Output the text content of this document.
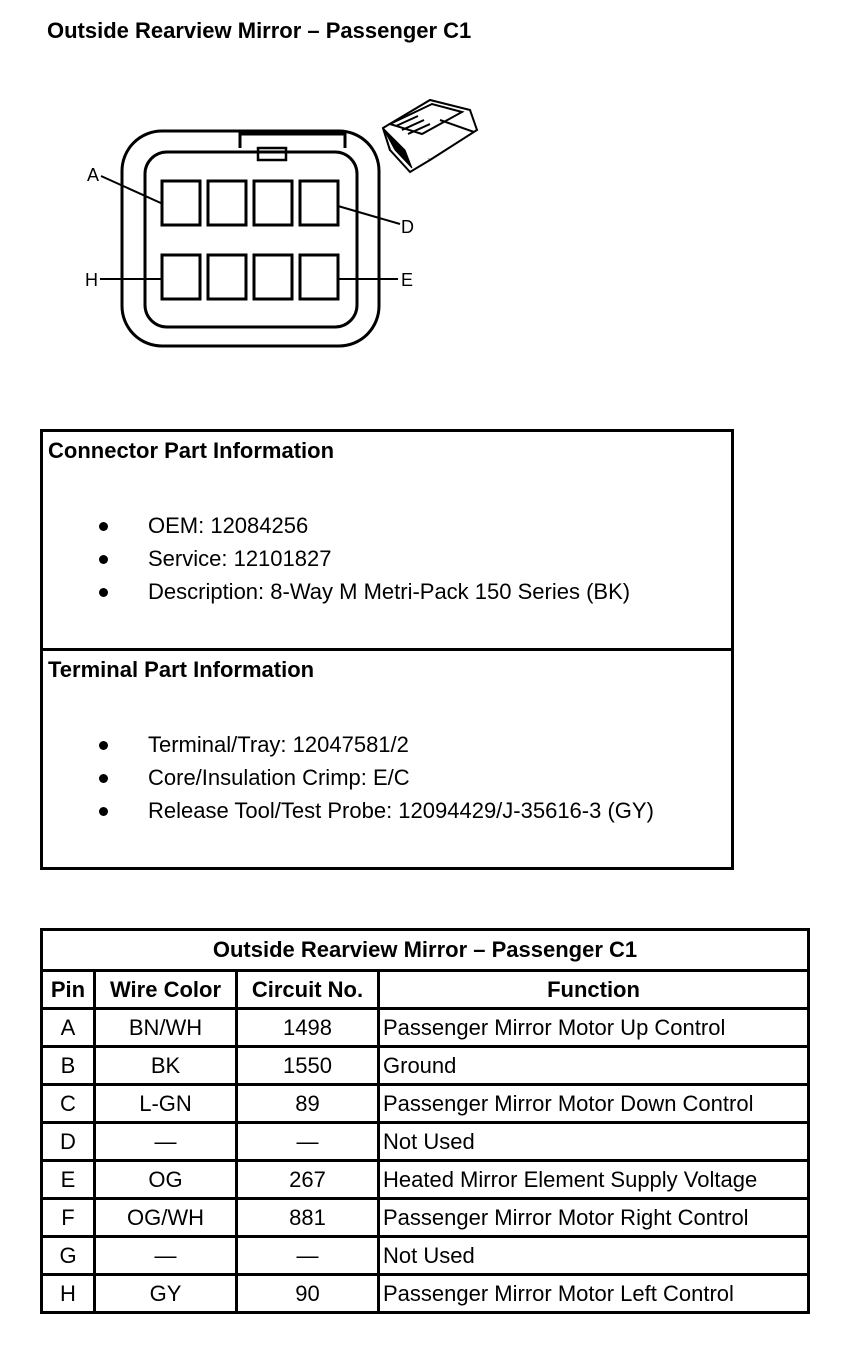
Outside Rearview Mirror – Passenger C1
A
D
H	E
Connector Part Information
OEM: 12084256
Service: 12101827
Description: 8-Way M Metri-Pack 150 Series (BK)
Terminal Part Information
Terminal/Tray: 12047581/2
Core/Insulation Crimp: E/C
Release Tool/Test Probe: 12094429/J-35616-3 (GY)
Outside Rearview Mirror – Passenger C1			
Pin	Wire Color	Circuit No.	Function
A	BN/WH	1498	Passenger Mirror Motor Up Control
B	BK	1550	Ground
C	L-GN	89	Passenger Mirror Motor Down Control
D	—	—	Not Used
E	OG	267	Heated Mirror Element Supply Voltage
F	OG/WH	881	Passenger Mirror Motor Right Control
G	—	—	Not Used
H	GY	90	Passenger Mirror Motor Left Control
